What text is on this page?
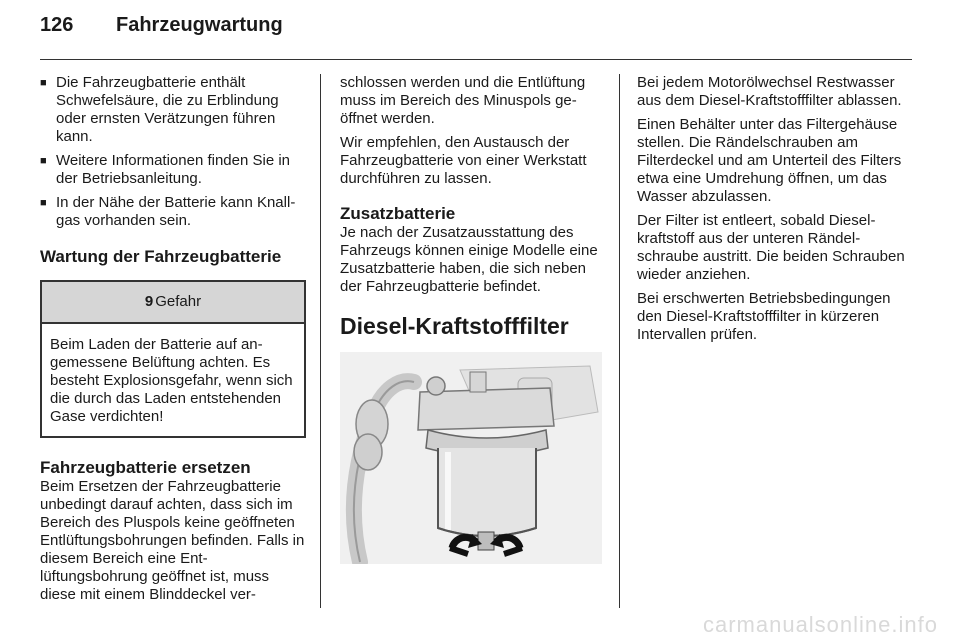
126 Fahrzeugwartung
■ Die Fahrzeugbatterie enthält Schwefelsäure, die zu Erblindung oder ernsten Verätzungen führen kann.
■ Weitere Informationen finden Sie in der Betriebsanleitung.
■ In der Nähe der Batterie kann Knallgas vorhanden sein.
Wartung der Fahrzeugbatterie
9 Gefahr
Beim Laden der Batterie auf angemessene Belüftung achten. Es besteht Explosionsgefahr, wenn sich die durch das Laden entstehenden Gase verdichten!
Fahrzeugbatterie ersetzen

Beim Ersetzen der Fahrzeugbatterie unbedingt darauf achten, dass sich im Bereich des Pluspols keine geöffneten Entlüftungsbohrungen befinden. Falls in diesem Bereich eine Entlüftungsbohrung geöffnet ist, muss diese mit einem Blinddeckel ver-

schlossen werden und die Entlüftung muss im Bereich des Minuspols geöffnet werden.

Wir empfehlen, den Austausch der Fahrzeugbatterie von einer Werkstatt durchführen zu lassen.

Zusatzbatterie

Je nach der Zusatzausstattung des Fahrzeugs können einige Modelle eine Zusatzbatterie haben, die sich neben der Fahrzeugbatterie befindet.

Diesel-Kraftstofffilter

Bei jedem Motorölwechsel Restwasser aus dem Diesel-Kraftstofffilter ablassen.

Einen Behälter unter das Filtergehäuse stellen. Die Rändelschrauben am Filterdeckel und am Unterteil des Filters etwa eine Umdrehung öffnen, um das Wasser abzulassen.

Der Filter ist entleert, sobald Dieselkraftstoff aus der unteren Rändelschraube austritt. Die beiden Schrauben wieder anziehen.

Bei erschwerten Betriebsbedingungen den Diesel-Kraftstofffilter in kürzeren Intervallen prüfen.

carmanualsonline.info
